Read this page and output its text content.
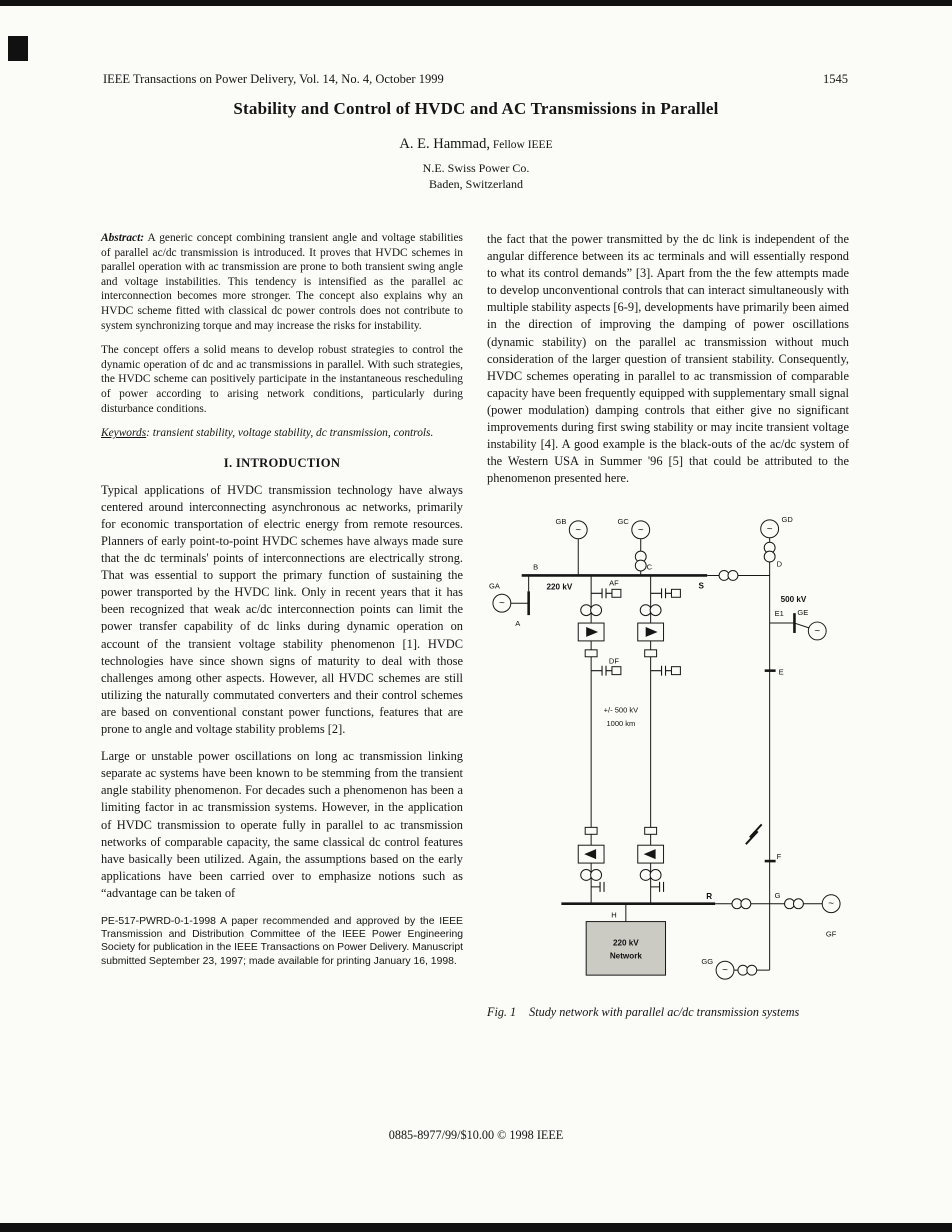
IEEE Transactions on Power Delivery, Vol. 14, No. 4, October 1999	1545
Stability and Control of HVDC and AC Transmissions in Parallel
A. E. Hammad, Fellow IEEE
N.E. Swiss Power Co.
Baden, Switzerland

Abstract: A generic concept combining transient angle and voltage stabilities of parallel ac/dc transmission is introduced. It proves that HVDC schemes in parallel operation with ac transmission are prone to both transient swing angle and voltage instabilities. This tendency is intensified as the parallel ac interconnection becomes more stronger. The concept also explains why an HVDC scheme fitted with classical dc power controls does not contribute to system synchronizing torque and may increase the risks for instability.

The concept offers a solid means to develop robust strategies to control the dynamic operation of dc and ac transmissions in parallel. With such strategies, the HVDC scheme can positively participate in the instantaneous rescheduling of power according to arising network conditions, particularly during disturbance conditions.

Keywords: transient stability, voltage stability, dc transmission, controls.

I. INTRODUCTION

Typical applications of HVDC transmission technology have always centered around interconnecting asynchronous ac networks, primarily for economic transportation of electric energy from remote resources. Planners of early point-to-point HVDC schemes have always made sure that the dc terminals' points of interconnections are electrically strong. That was essential to support the primary function of sustaining the power transported by the HVDC link. Only in recent years that it has been recognized that weak ac/dc interconnection points can limit the power transfer capability of dc links during dynamic operation on account of the transient voltage stability phenomenon [1]. HVDC technologies have since shown signs of maturity to deal with those challenges among other aspects. However, all HVDC schemes are still utilizing the naturally commutated converters and their control schemes are based on conventional constant power functions, features that are prone to angle and voltage stability problems [2].

Large or unstable power oscillations on long ac transmission linking separate ac systems have been known to be stemming from the transient angle stability phenomenon. For decades such a phenomenon has been a limiting factor in ac transmission systems. However, in the application of HVDC transmission to operate fully in parallel to ac transmission networks of comparable capacity, the same classical dc control features have basically been utilized. Again, the assumptions based on the early applications have been carried over to emphasize notions such as “advantage can be taken of

PE-517-PWRD-0-1-1998 A paper recommended and approved by the IEEE Transmission and Distribution Committee of the IEEE Power Engineering Society for publication in the IEEE Transactions on Power Delivery. Manuscript submitted September 23, 1997; made available for printing January 16, 1998.

the fact that the power transmitted by the dc link is independent of the angular difference between its ac terminals and will essentially respond to what its control demands” [3]. Apart from the the few attempts made to develop unconventional controls that can interact simultaneously with multiple stability aspects [6-9], developments have primarily been aimed in the direction of improving the damping of power oscillations (dynamic stability) on the parallel ac transmission without much consideration of the larger question of transient stability. Consequently, HVDC schemes operating in parallel to ac transmission of comparable capacity have been frequently equipped with supplementary small signal (power modulation) damping controls that either give no significant improvements during first swing stability or may incite transient voltage instability [4]. A good example is the black-outs of the ac/dc system of the Western USA in Summer '96 [5] that could be attributed to the phenomenon presented here.

~	~	~
~
~
~
~
GB	GC	GD
GA
GE
GF
GG
A
B	C
S
D
220 kV
500 kV
E1
E
F
G
H
R
AF
DF
+/- 500 kV
1000 km
220 kV
Network
Fig. 1 Study network with parallel ac/dc transmission systems
0885-8977/99/$10.00 © 1998 IEEE
